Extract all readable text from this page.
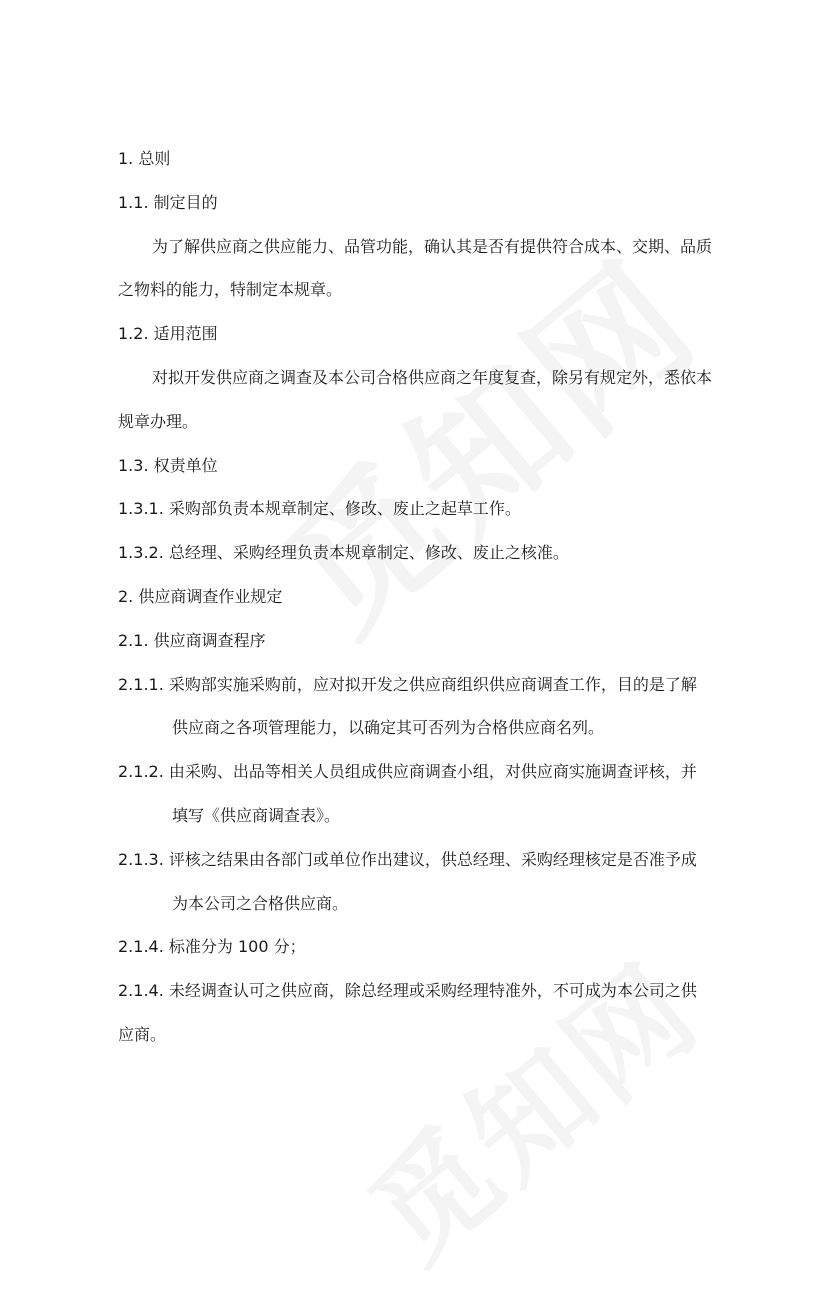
1. 总则
1.1. 制定目的
为了解供应商之供应能力、品管功能，确认其是否有提供符合成本、交期、品质
之物料的能力，特制定本规章。
1.2. 适用范围
对拟开发供应商之调查及本公司合格供应商之年度复查，除另有规定外，悉依本
规章办理。
1.3. 权责单位
1.3.1. 采购部负责本规章制定、修改、废止之起草工作。
1.3.2. 总经理、采购经理负责本规章制定、修改、废止之核准。
2. 供应商调查作业规定
2.1. 供应商调查程序
2.1.1. 采购部实施采购前，应对拟开发之供应商组织供应商调查工作，目的是了解
供应商之各项管理能力，以确定其可否列为合格供应商名列。
2.1.2. 由采购、出品等相关人员组成供应商调查小组，对供应商实施调查评核，并
填写《供应商调查表》。
2.1.3. 评核之结果由各部门或单位作出建议，供总经理、采购经理核定是否准予成
为本公司之合格供应商。
2.1.4. 标准分为 100 分；
2.1.4. 未经调查认可之供应商，除总经理或采购经理特准外，不可成为本公司之供
应商。
